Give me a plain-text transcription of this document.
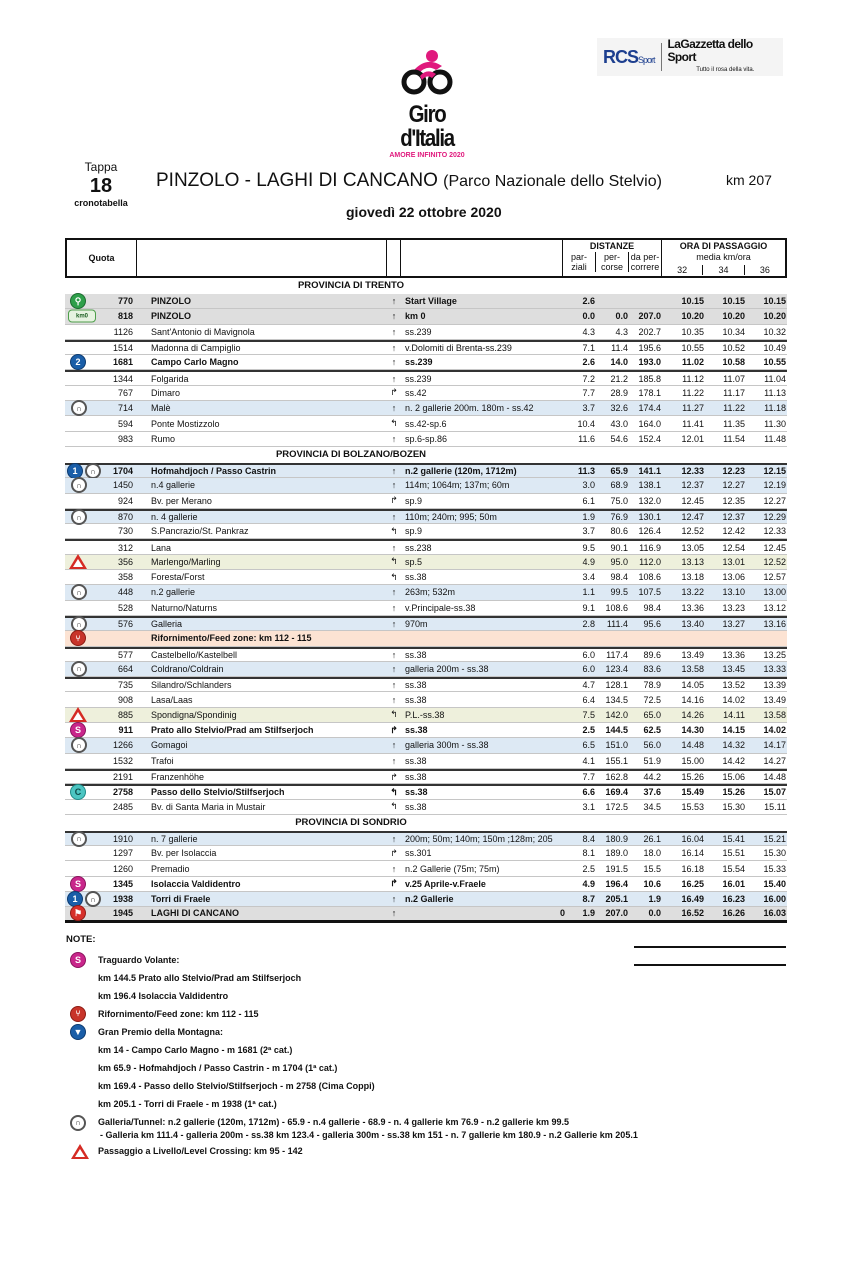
Giro d'Italia
AMORE INFINITO 2020
RCSSport
LaGazzetta dello Sport
Tutto il rosa della vita.
Tappa
18
cronotabella
PINZOLO - LAGHI DI CANCANO (Parco Nazionale dello Stelvio)	km 207
giovedì 22 ottobre 2020
Quota
DISTANZE
par-
ziali
per-
corse
da per-
correre
ORA DI PASSAGGIO
media km/ora
32	34	36
PROVINCIA DI TRENTO
⚲	770	PINZOLO	↑ Start Village	2.6	10.15	10.15	10.15
km0	818	PINZOLO	↑ km 0	0.0	0.0	207.0	10.20	10.20	10.20
1126	Sant'Antonio di Mavignola	↑ ss.239	4.3	4.3	202.7	10.35	10.34	10.32
1514	Madonna di Campiglio	↑ v.Dolomiti di Brenta-ss.239	7.1	11.4	195.6	10.55	10.52	10.49
2	1681	Campo Carlo Magno	↑ ss.239	2.6	14.0	193.0	11.02	10.58	10.55
1344	Folgarida	↑ ss.239	7.2	21.2	185.8	11.12	11.07	11.04
767	Dimaro	↱ ss.42	7.7	28.9	178.1	11.22	11.17	11.13
∩	714	Malè	↑ n. 2 gallerie 200m. 180m - ss.42	3.7	32.6	174.4	11.27	11.22	11.18
594	Ponte Mostizzolo	↰ ss.42-sp.6	10.4	43.0	164.0	11.41	11.35	11.30
983	Rumo	↑ sp.6-sp.86	11.6	54.6	152.4	12.01	11.54	11.48
PROVINCIA DI BOLZANO/BOZEN
1	∩	1704	Hofmahdjoch / Passo Castrin	↑ n.2 gallerie (120m, 1712m)	11.3	65.9	141.1	12.33	12.23	12.15
∩	1450	n.4 gallerie	↑ 114m; 1064m; 137m; 60m	3.0	68.9	138.1	12.37	12.27	12.19
924	Bv. per Merano	↱ sp.9	6.1	75.0	132.0	12.45	12.35	12.27
∩	870	n. 4 gallerie	↑ 110m; 240m; 995; 50m	1.9	76.9	130.1	12.47	12.37	12.29
730	S.Pancrazio/St. Pankraz	↰ sp.9	3.7	80.6	126.4	12.52	12.42	12.33
312	Lana	↑ ss.238	9.5	90.1	116.9	13.05	12.54	12.45
356	Marlengo/Marling	↰ sp.5	4.9	95.0	112.0	13.13	13.01	12.52
358	Foresta/Forst	↰ ss.38	3.4	98.4	108.6	13.18	13.06	12.57
∩	448	n.2 gallerie	↑ 263m; 532m	1.1	99.5	107.5	13.22	13.10	13.00
528	Naturno/Naturns	↑ v.Principale-ss.38	9.1	108.6	98.4	13.36	13.23	13.12
∩	576	Galleria	↑ 970m	2.8	111.4	95.6	13.40	13.27	13.16
⑂	Rifornimento/Feed zone: km 112 - 115
577	Castelbello/Kastelbell	↑ ss.38	6.0	117.4	89.6	13.49	13.36	13.25
∩	664	Coldrano/Coldrain	↑ galleria 200m - ss.38	6.0	123.4	83.6	13.58	13.45	13.33
735	Silandro/Schlanders	↑ ss.38	4.7	128.1	78.9	14.05	13.52	13.39
908	Lasa/Laas	↑ ss.38	6.4	134.5	72.5	14.16	14.02	13.49
885	Spondigna/Spondinig	↰ P.L.-ss.38	7.5	142.0	65.0	14.26	14.11	13.58
S	911	Prato allo Stelvio/Prad am Stilfserjoch	↱ ss.38	2.5	144.5	62.5	14.30	14.15	14.02
∩	1266	Gomagoi	↑ galleria 300m - ss.38	6.5	151.0	56.0	14.48	14.32	14.17
1532	Trafoi	↑ ss.38	4.1	155.1	51.9	15.00	14.42	14.27
2191	Franzenhöhe	↱ ss.38	7.7	162.8	44.2	15.26	15.06	14.48
C	2758	Passo dello Stelvio/Stilfserjoch	↰ ss.38	6.6	169.4	37.6	15.49	15.26	15.07
2485	Bv. di Santa Maria in Mustair	↰ ss.38	3.1	172.5	34.5	15.53	15.30	15.11
PROVINCIA DI SONDRIO
∩	1910	n. 7 gallerie	↑ 200m; 50m; 140m; 150m ;128m; 205	8.4	180.9	26.1	16.04	15.41	15.21
1297	Bv. per Isolaccia	↱ ss.301	8.1	189.0	18.0	16.14	15.51	15.30
1260	Premadio	↑ n.2 Gallerie (75m; 75m)	2.5	191.5	15.5	16.18	15.54	15.33
S	1345	Isolaccia Valdidentro	↱ v.25 Aprile-v.Fraele	4.9	196.4	10.6	16.25	16.01	15.40
1	∩	1938	Torri di Fraele	↑ n.2 Gallerie	8.7	205.1	1.9	16.49	16.23	16.00
⚑	1945	LAGHI DI CANCANO	↑	0	1.9	207.0	0.0	16.52	16.26	16.03
NOTE:
S	Traguardo Volante:
km 144.5 Prato allo Stelvio/Prad am Stilfserjoch
km 196.4 Isolaccia Valdidentro
⑂	Rifornimento/Feed zone: km 112 - 115
▼	Gran Premio della Montagna:
km 14 - Campo Carlo Magno - m 1681 (2ª cat.)
km 65.9 - Hofmahdjoch / Passo Castrin - m 1704 (1ª cat.)
km 169.4 - Passo dello Stelvio/Stilfserjoch - m 2758 (Cima Coppi)
km 205.1 - Torri di Fraele - m 1938 (1ª cat.)
∩	Galleria/Tunnel: n.2 gallerie (120m, 1712m) - 65.9 - n.4 gallerie - 68.9 - n. 4 gallerie km 76.9 - n.2 gallerie km 99.5
- Galleria km 111.4 - galleria 200m - ss.38 km 123.4 - galleria 300m - ss.38 km 151 - n. 7 gallerie km 180.9 - n.2 Gallerie km 205.1
Passaggio a Livello/Level Crossing: km 95 - 142
